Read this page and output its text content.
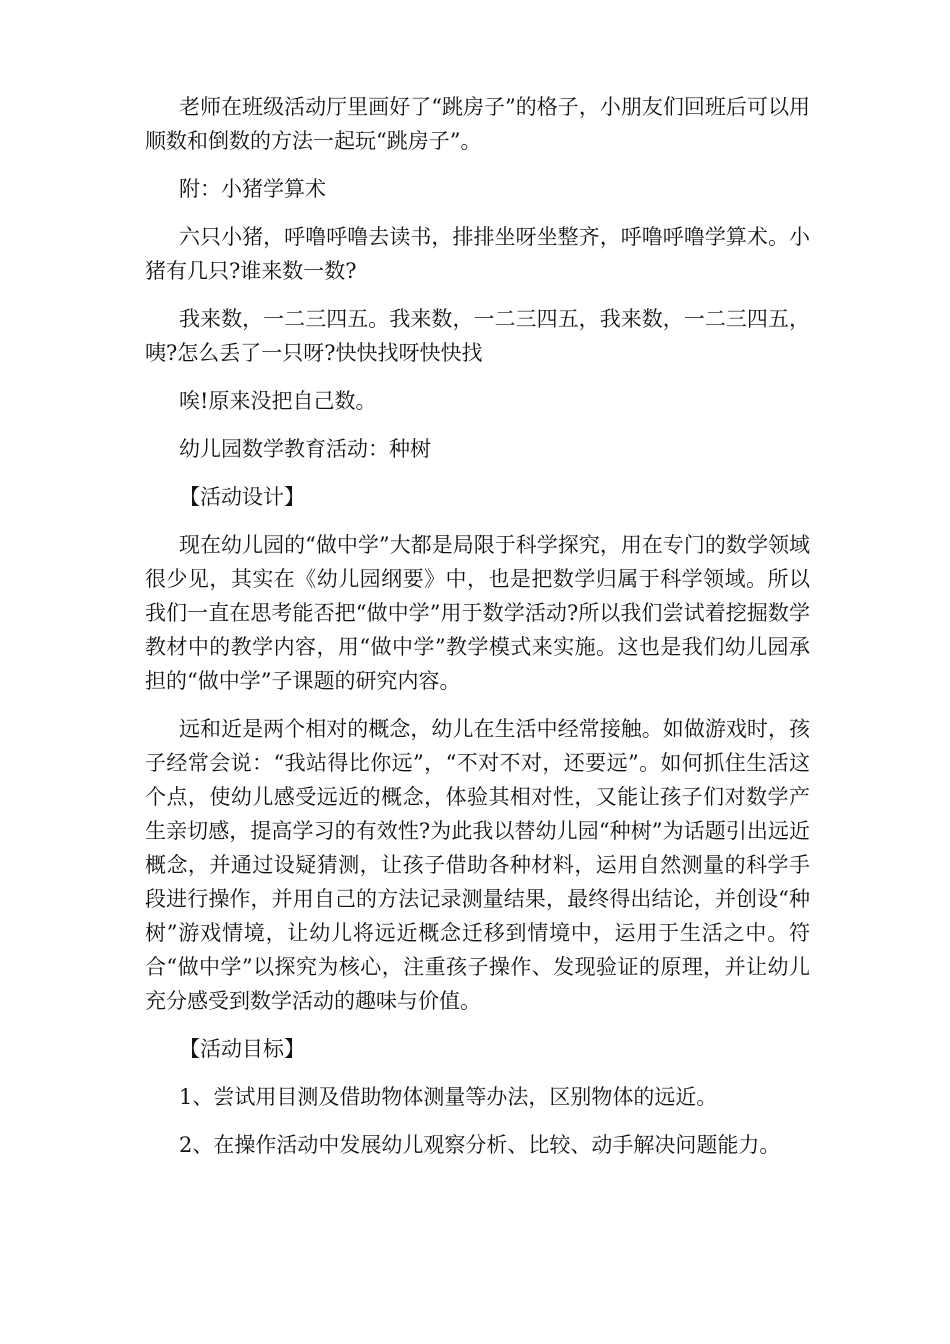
老师在班级活动厅里画好了“跳房子”的格子，小朋友们回班后可以用顺数和倒数的方法一起玩“跳房子”。

附：小猪学算术

六只小猪，呼噜呼噜去读书，排排坐呀坐整齐，呼噜呼噜学算术。小猪有几只?谁来数一数?

我来数，一二三四五。我来数，一二三四五，我来数，一二三四五，咦?怎么丢了一只呀?快快找呀快快找

唉!原来没把自己数。

幼儿园数学教育活动：种树

【活动设计】

现在幼儿园的“做中学”大都是局限于科学探究，用在专门的数学领域很少见，其实在《幼儿园纲要》中，也是把数学归属于科学领域。所以我们一直在思考能否把“做中学”用于数学活动?所以我们尝试着挖掘数学教材中的教学内容，用“做中学”教学模式来实施。这也是我们幼儿园承担的“做中学”子课题的研究内容。

远和近是两个相对的概念，幼儿在生活中经常接触。如做游戏时，孩子经常会说：“我站得比你远”，“不对不对，还要远”。如何抓住生活这个点，使幼儿感受远近的概念，体验其相对性，又能让孩子们对数学产生亲切感，提高学习的有效性?为此我以替幼儿园“种树”为话题引出远近概念，并通过设疑猜测，让孩子借助各种材料，运用自然测量的科学手段进行操作，并用自己的方法记录测量结果，最终得出结论，并创设“种树”游戏情境，让幼儿将远近概念迁移到情境中，运用于生活之中。符合“做中学”以探究为核心，注重孩子操作、发现验证的原理，并让幼儿充分感受到数学活动的趣味与价值。

【活动目标】

1、尝试用目测及借助物体测量等办法，区别物体的远近。

2、在操作活动中发展幼儿观察分析、比较、动手解决问题能力。
